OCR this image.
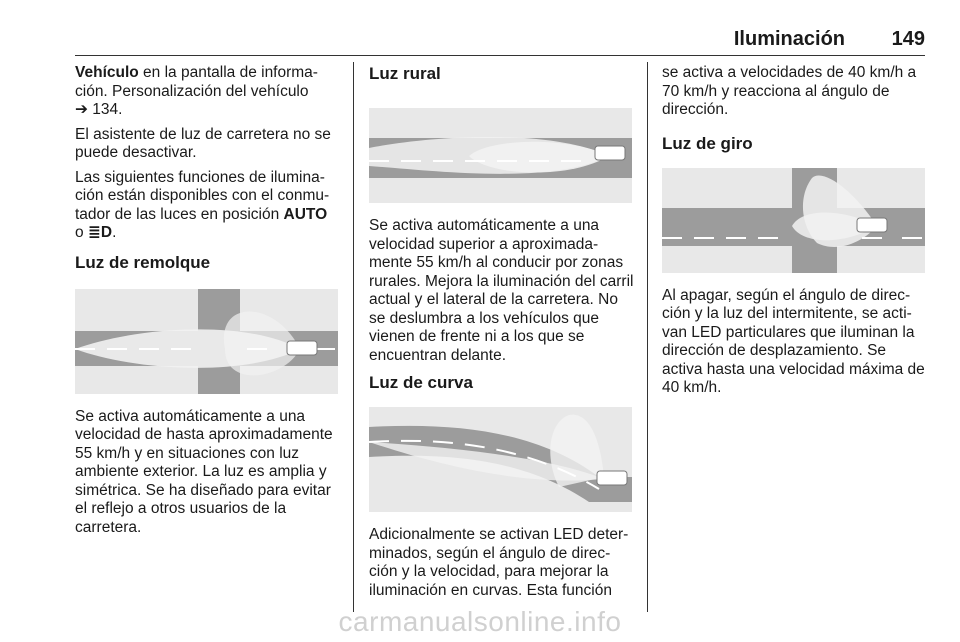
Iluminación 149

Vehículo en la pantalla de informa-ción. Personalización del vehículo
➔ 134.

El asistente de luz de carretera no se puede desactivar.

Las siguientes funciones de ilumina-ción están disponibles con el conmu-tador de las luces en posición AUTO
o ≣D.

Luz de remolque

Se activa automáticamente a una velocidad de hasta aproximadamente 55 km/h y en situaciones con luz ambiente exterior. La luz es amplia y simétrica. Se ha diseñado para evitar el reflejo a otros usuarios de la carretera.

Luz rural

Se activa automáticamente a una velocidad superior a aproximada-mente 55 km/h al conducir por zonas rurales. Mejora la iluminación del carril actual y el lateral de la carretera. No se deslumbra a los vehículos que vienen de frente ni a los que se encuentran delante.

Luz de curva

Adicionalmente se activan LED deter-minados, según el ángulo de direc-ción y la velocidad, para mejorar la iluminación en curvas. Esta función

se activa a velocidades de 40 km/h a 70 km/h y reacciona al ángulo de dirección.

Luz de giro

Al apagar, según el ángulo de direc-ción y la luz del intermitente, se acti-van LED particulares que iluminan la dirección de desplazamiento. Se activa hasta una velocidad máxima de 40 km/h.

carmanualsonline.info
